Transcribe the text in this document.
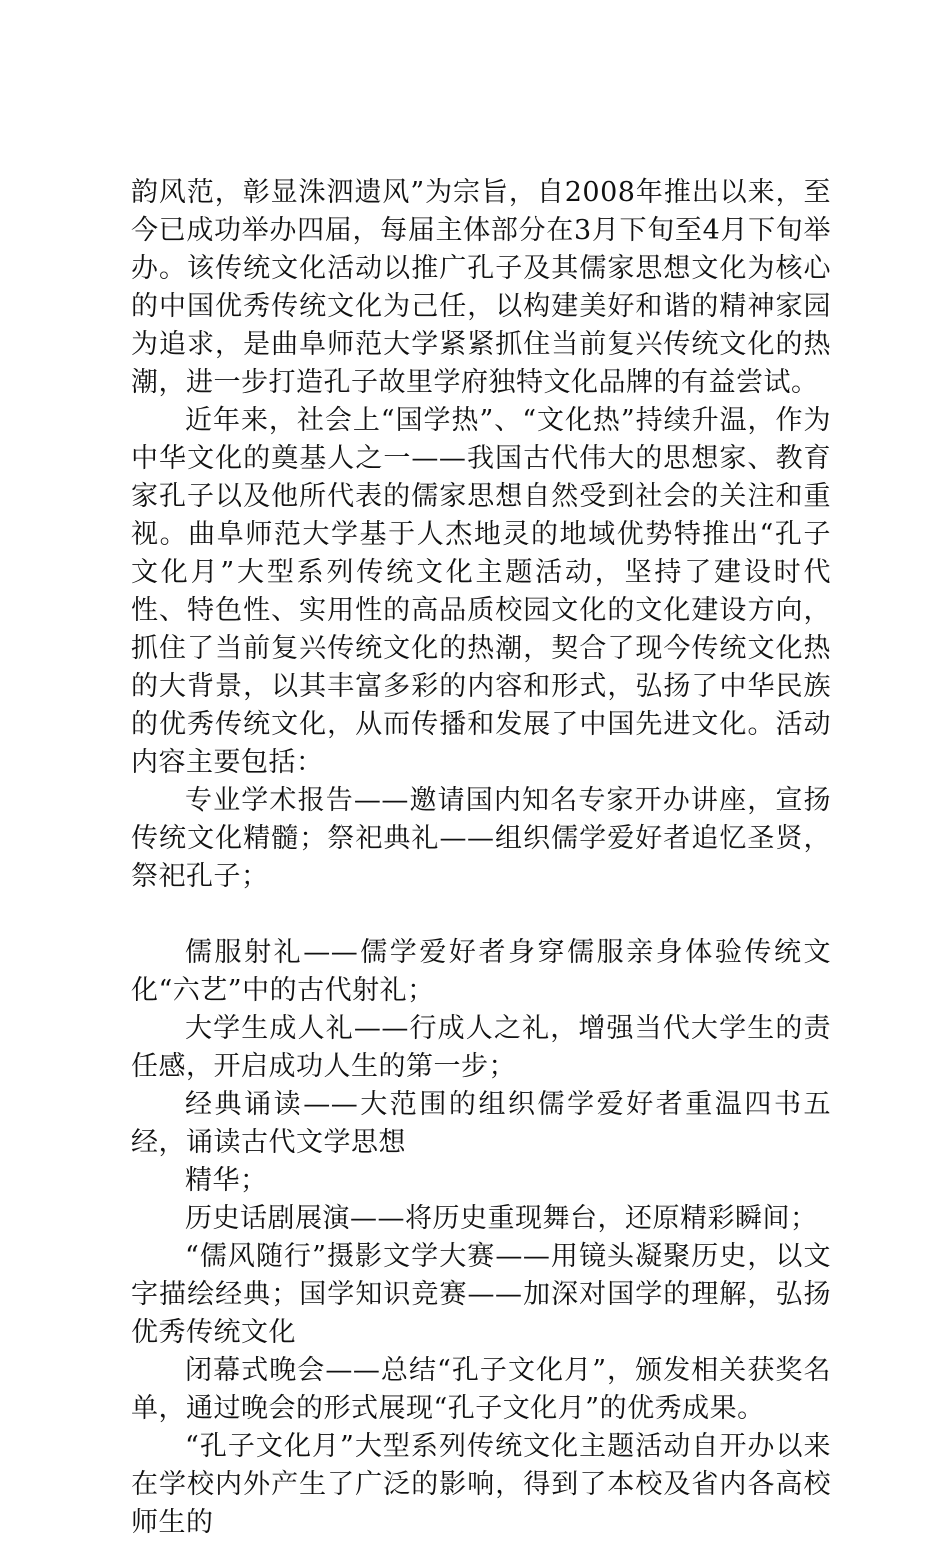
韵风范，彰显洙泗遗风”为宗旨，自2008年推出以来，至今已成功举办四届，每届主体部分在3月下旬至4月下旬举办。该传统文化活动以推广孔子及其儒家思想文化为核心的中国优秀传统文化为己任，以构建美好和谐的精神家园为追求，是曲阜师范大学紧紧抓住当前复兴传统文化的热潮，进一步打造孔子故里学府独特文化品牌的有益尝试。

近年来，社会上“国学热”、“文化热”持续升温，作为中华文化的奠基人之一——我国古代伟大的思想家、教育家孔子以及他所代表的儒家思想自然受到社会的关注和重视。曲阜师范大学基于人杰地灵的地域优势特推出“孔子文化月”大型系列传统文化主题活动，坚持了建设时代性、特色性、实用性的高品质校园文化的文化建设方向，抓住了当前复兴传统文化的热潮，契合了现今传统文化热的大背景，以其丰富多彩的内容和形式，弘扬了中华民族的优秀传统文化，从而传播和发展了中国先进文化。活动内容主要包括：

专业学术报告——邀请国内知名专家开办讲座，宣扬传统文化精髓；祭祀典礼——组织儒学爱好者追忆圣贤，祭祀孔子；

儒服射礼——儒学爱好者身穿儒服亲身体验传统文化“六艺”中的古代射礼；

大学生成人礼——行成人之礼，增强当代大学生的责任感，开启成功人生的第一步；

经典诵读——大范围的组织儒学爱好者重温四书五经，诵读古代文学思想

精华；

历史话剧展演——将历史重现舞台，还原精彩瞬间；

“儒风随行”摄影文学大赛——用镜头凝聚历史，以文字描绘经典；国学知识竞赛——加深对国学的理解，弘扬优秀传统文化

闭幕式晚会——总结“孔子文化月”，颁发相关获奖名单，通过晚会的形式展现“孔子文化月”的优秀成果。

“孔子文化月”大型系列传统文化主题活动自开办以来在学校内外产生了广泛的影响，得到了本校及省内各高校师生的
